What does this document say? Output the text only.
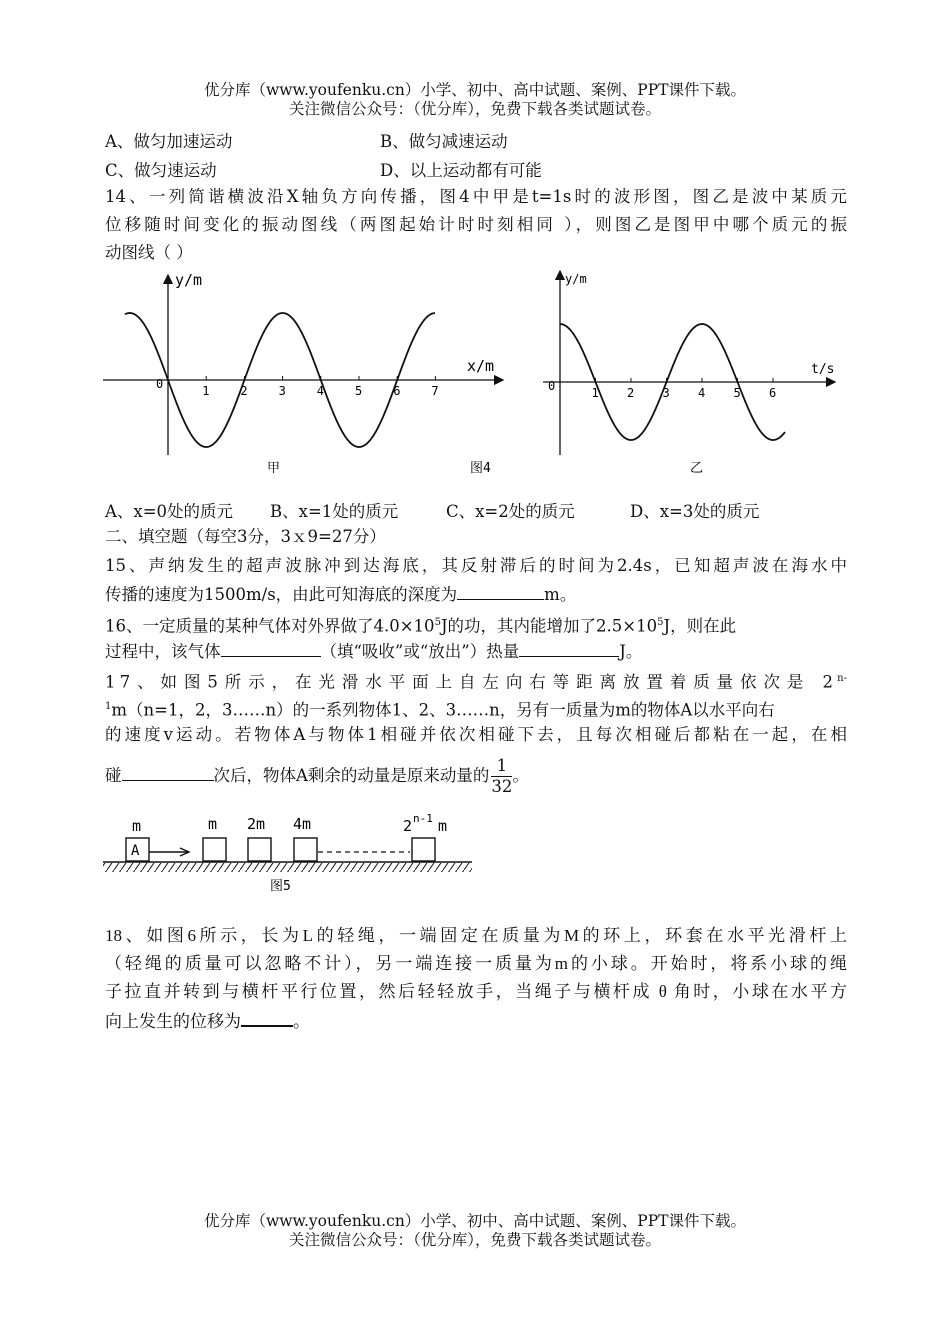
优分库（www.youfenku.cn）小学、初中、高中试题、案例、PPT课件下载。
关注微信公众号：（优分库），免费下载各类试题试卷。
A、做匀加速运动	B、做匀减速运动
C、做匀速运动	D、以上运动都有可能
14、一列简谐横波沿X轴负方向传播，图4中甲是t=1s时的波形图，图乙是波中某质元
位移随时间变化的振动图线（两图起始计时时刻相同 ），则图乙是图甲中哪个质元的振
动图线（ ）
y/m
x/m
0	1	2	3	4	5	6	7
甲	图4
y/m
t/s
0	1 2 3 4 5 6
乙
A、x=0处的质元 B、x=1处的质元	C、x=2处的质元	D、x=3处的质元
二、填空题（每空3分，3ｘ9=27分）
15、声纳发生的超声波脉冲到达海底，其反射滞后的时间为2.4s，已知超声波在海水中
传播的速度为1500m/s，由此可知海底的深度为	m。
16、一定质量的某种气体对外界做了$4.0\times 10^5J$的功，其内能增加了$2.5\times 10^5J$，则在此
过程中，该气体	（填“吸收”或“放出”）热量	J。
17、如图5所示，在光滑水平面上自左向右等距离放置着质量依次是 $2^{n-}$
$^1$m（n=1，2，3……n）的一系列物体1、2、3……n，另有一质量为m的物体A以水平向右
的速度v运动。若物体A与物体1相碰并依次相碰下去，且每次相碰后都粘在一起，在相
碰	次后，物体A剩余的动量是原来动量的 $\frac{1}{32}$ 。
A
m	m 2m 4m	2 n-1 m
图5
18、如图6所示，长为L的轻绳，一端固定在质量为M的环上，环套在水平光滑杆上
（轻绳的质量可以忽略不计），另一端连接一质量为m的小球。开始时，将系小球的绳
子拉直并转到与横杆平行位置，然后轻轻放手，当绳子与横杆成 θ 角时，小球在水平方
向上发生的位移为	。
优分库（www.youfenku.cn）小学、初中、高中试题、案例、PPT课件下载。
关注微信公众号：（优分库），免费下载各类试题试卷。
